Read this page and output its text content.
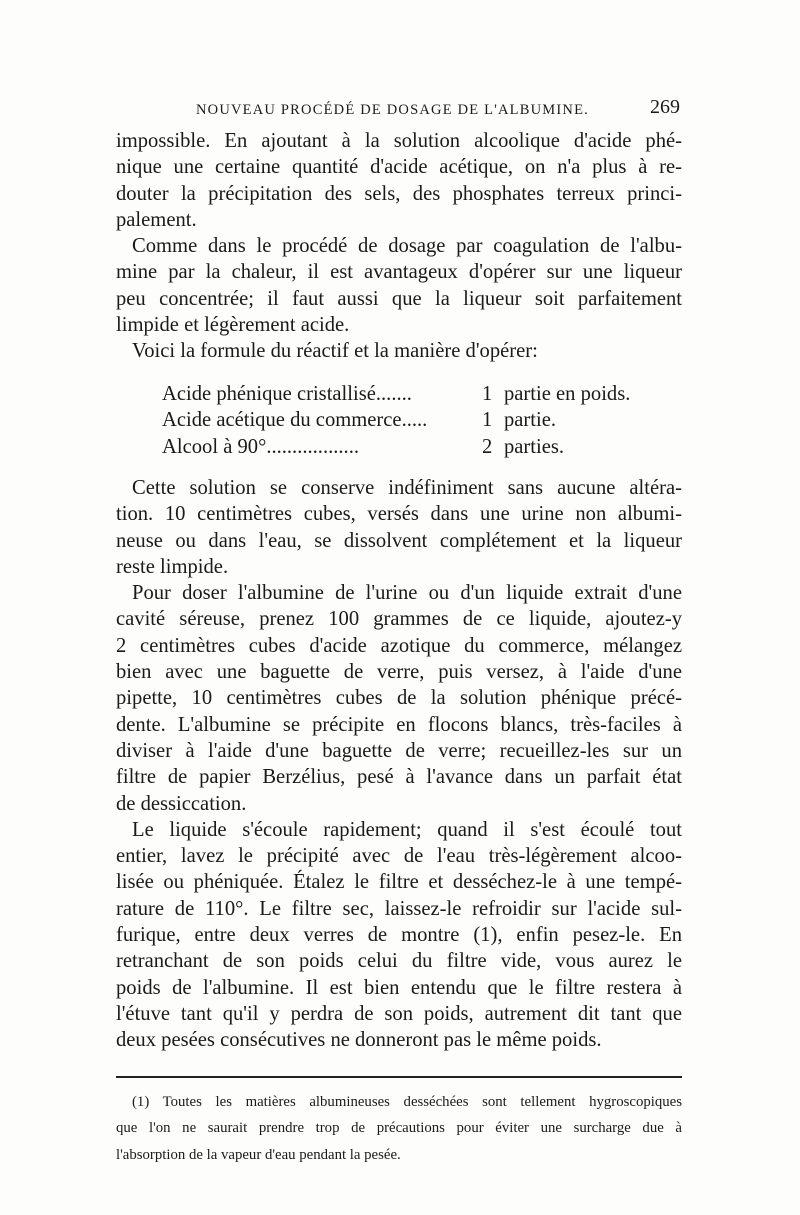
NOUVEAU PROCÉDÉ DE DOSAGE DE L'ALBUMINE.	269
impossible. En ajoutant à la solution alcoolique d'acide phé-
nique une certaine quantité d'acide acétique, on n'a plus à re-
douter la précipitation des sels, des phosphates terreux princi-
palement.
Comme dans le procédé de dosage par coagulation de l'albu-
mine par la chaleur, il est avantageux d'opérer sur une liqueur
peu concentrée; il faut aussi que la liqueur soit parfaitement
limpide et légèrement acide.
Voici la formule du réactif et la manière d'opérer:
Acide phénique cristallisé.......	1 partie en poids.
Acide acétique du commerce.....	1 partie.
Alcool à 90°..................	2 parties.
Cette solution se conserve indéfiniment sans aucune altéra-
tion. 10 centimètres cubes, versés dans une urine non albumi-
neuse ou dans l'eau, se dissolvent complétement et la liqueur
reste limpide.
Pour doser l'albumine de l'urine ou d'un liquide extrait d'une
cavité séreuse, prenez 100 grammes de ce liquide, ajoutez-y
2 centimètres cubes d'acide azotique du commerce, mélangez
bien avec une baguette de verre, puis versez, à l'aide d'une
pipette, 10 centimètres cubes de la solution phénique précé-
dente. L'albumine se précipite en flocons blancs, très-faciles à
diviser à l'aide d'une baguette de verre; recueillez-les sur un
filtre de papier Berzélius, pesé à l'avance dans un parfait état
de dessiccation.
Le liquide s'écoule rapidement; quand il s'est écoulé tout
entier, lavez le précipité avec de l'eau très-légèrement alcoo-
lisée ou phéniquée. Étalez le filtre et desséchez-le à une tempé-
rature de 110°. Le filtre sec, laissez-le refroidir sur l'acide sul-
furique, entre deux verres de montre (1), enfin pesez-le. En
retranchant de son poids celui du filtre vide, vous aurez le
poids de l'albumine. Il est bien entendu que le filtre restera à
l'étuve tant qu'il y perdra de son poids, autrement dit tant que
deux pesées consécutives ne donneront pas le même poids.
(1) Toutes les matières albumineuses desséchées sont tellement hygroscopiques
que l'on ne saurait prendre trop de précautions pour éviter une surcharge due à
l'absorption de la vapeur d'eau pendant la pesée.
